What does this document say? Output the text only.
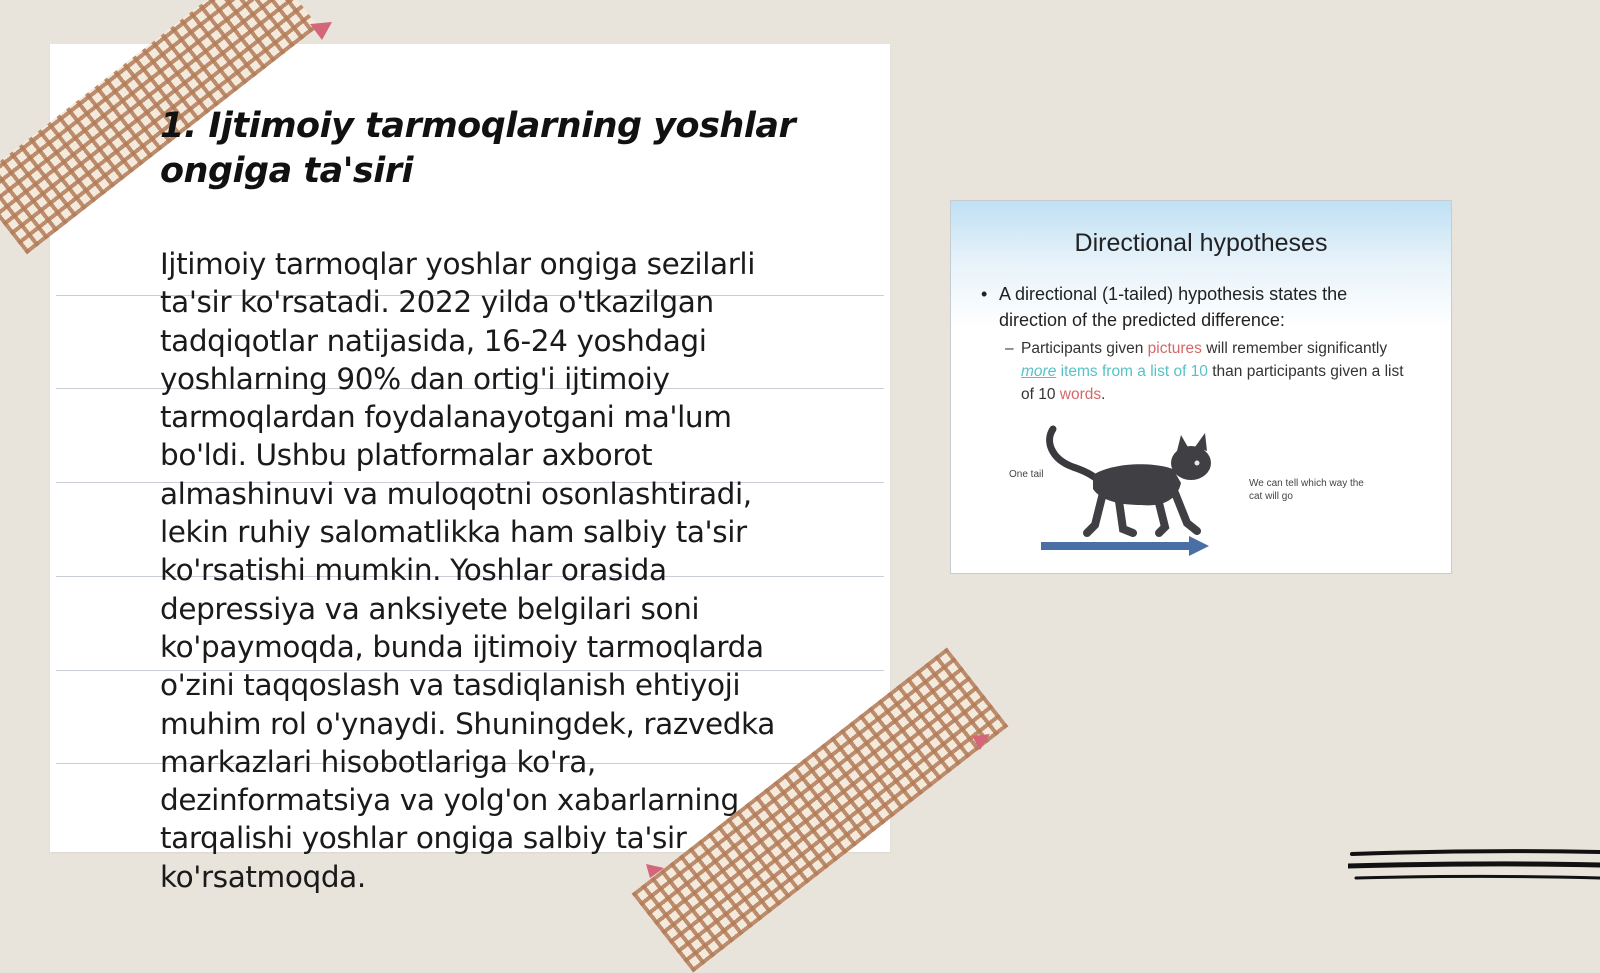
1. Ijtimoiy tarmoqlarning yoshlar ongiga ta'siri
Ijtimoiy tarmoqlar yoshlar ongiga sezilarli ta'sir ko'rsatadi. 2022 yilda o'tkazilgan tadqiqotlar natijasida, 16-24 yoshdagi yoshlarning 90% dan ortig'i ijtimoiy tarmoqlardan foydalanayotgani ma'lum bo'ldi. Ushbu platformalar axborot almashinuvi va muloqotni osonlashtiradi, lekin ruhiy salomatlikka ham salbiy ta'sir ko'rsatishi mumkin. Yoshlar orasida depressiya va anksiyete belgilari soni ko'paymoqda, bunda ijtimoiy tarmoqlarda o'zini taqqoslash va tasdiqlanish ehtiyoji muhim rol o'ynaydi. Shuningdek, razvedka markazlari hisobotlariga ko'ra, dezinformatsiya va yolg'on xabarlarning tarqalishi yoshlar ongiga salbiy ta'sir ko'rsatmoqda.
Directional hypotheses
• A directional (1-tailed) hypothesis states the direction of the predicted difference:
– Participants given pictures will remember significantly more items from a list of 10 than participants given a list of 10 words.
One tail
We can tell which way the cat will go
